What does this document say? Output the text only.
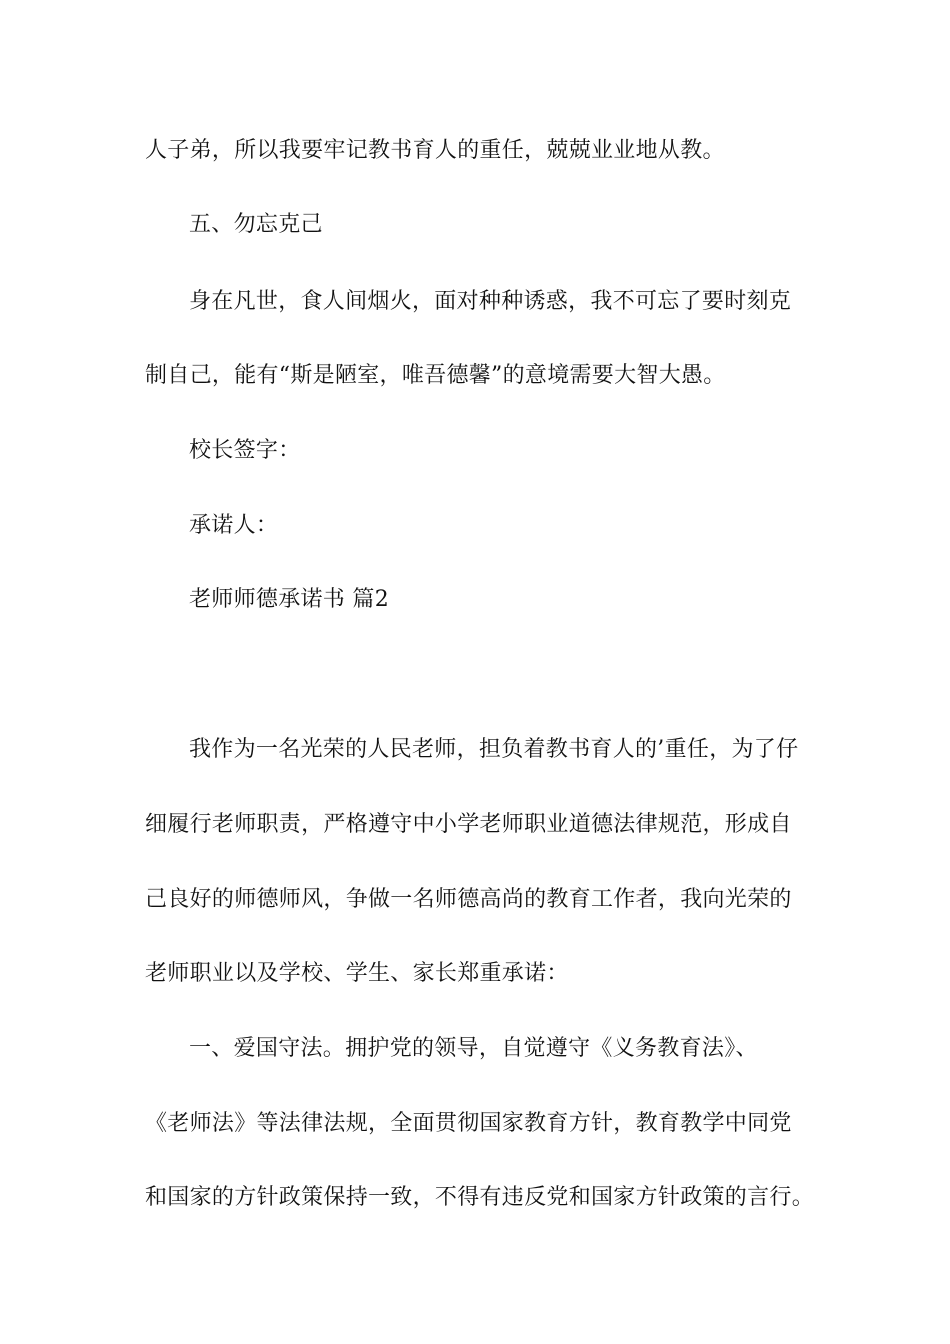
人子弟，所以我要牢记教书育人的重任，兢兢业业地从教。
五、勿忘克己
身在凡世，食人间烟火，面对种种诱惑，我不可忘了要时刻克
制自己，能有“斯是陋室，唯吾德馨”的意境需要大智大愚。
校长签字：
承诺人：
老师师德承诺书 篇2
我作为一名光荣的人民老师，担负着教书育人的’重任，为了仔
细履行老师职责，严格遵守中小学老师职业道德法律规范，形成自
己良好的师德师风，争做一名师德高尚的教育工作者，我向光荣的
老师职业以及学校、学生、家长郑重承诺：
一、爱国守法。拥护党的领导，自觉遵守《义务教育法》、
《老师法》等法律法规，全面贯彻国家教育方针，教育教学中同党
和国家的方针政策保持一致，不得有违反党和国家方针政策的言行。
